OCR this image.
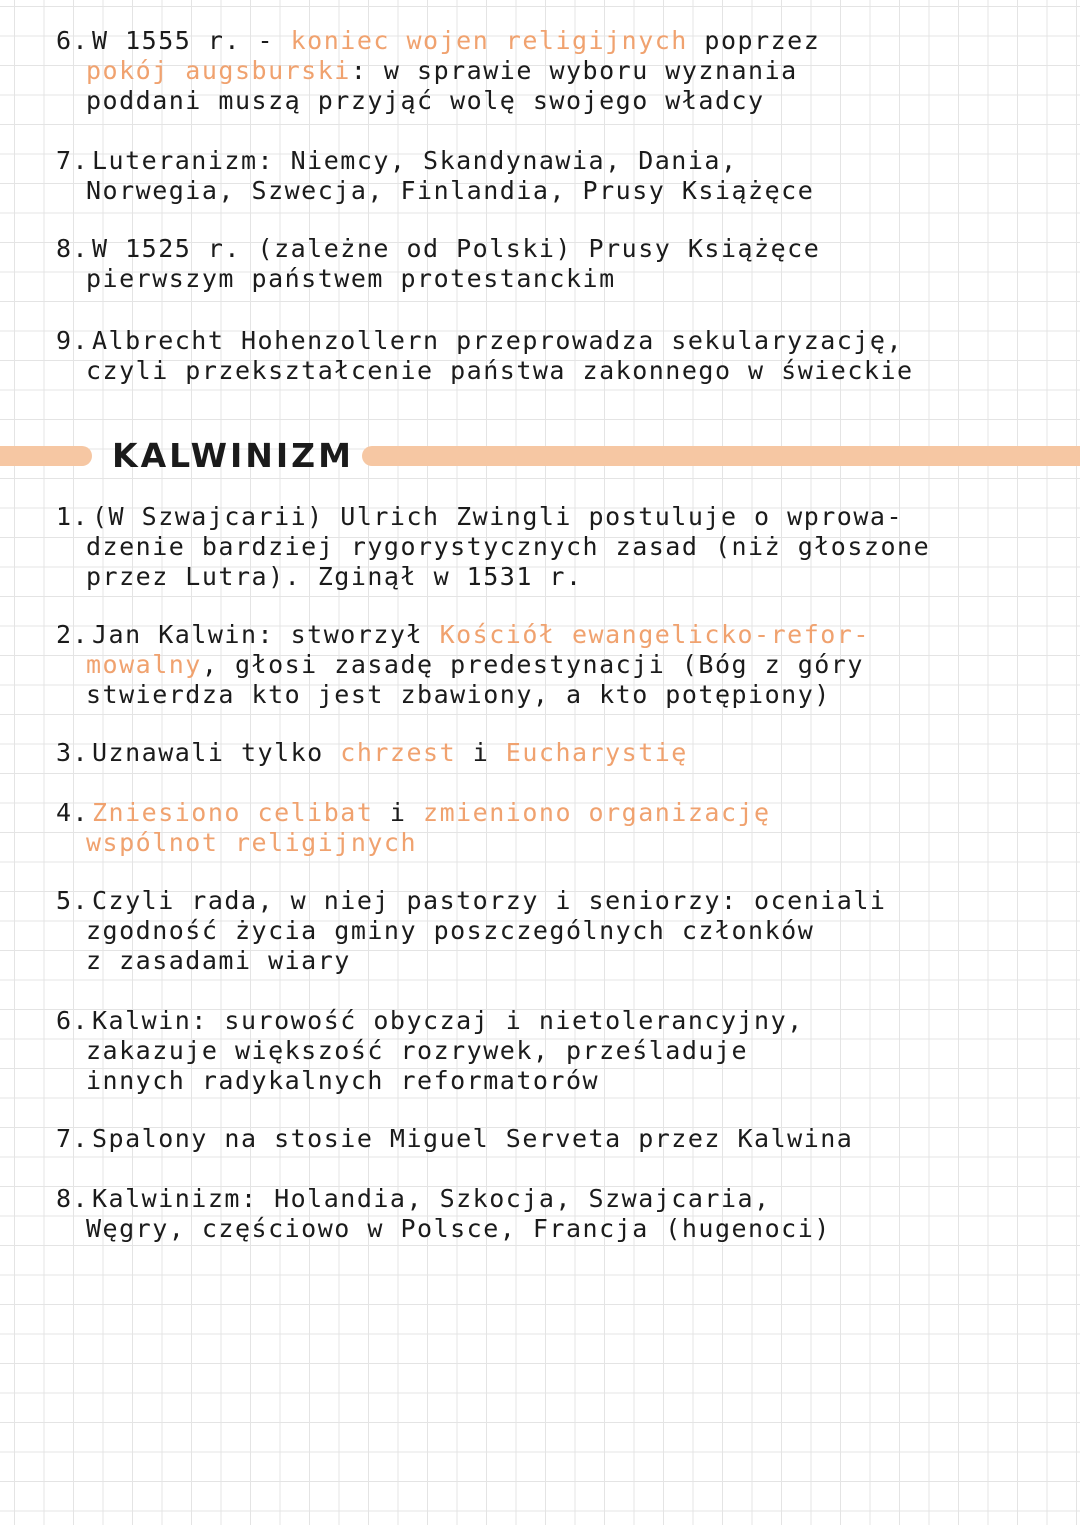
6. W 1555 r. - koniec wojen religijnych poprzez
pokój augsburski: w sprawie wyboru wyznania
poddani muszą przyjąć wolę swojego władcy
7. Luteranizm: Niemcy, Skandynawia, Dania,
Norwegia, Szwecja, Finlandia, Prusy Książęce
8. W 1525 r. (zależne od Polski) Prusy Książęce
pierwszym państwem protestanckim
9. Albrecht Hohenzollern przeprowadza sekularyzację,
czyli przekształcenie państwa zakonnego w świeckie
KALWINIZM
1. (W Szwajcarii) Ulrich Zwingli postuluje o wprowa-
dzenie bardziej rygorystycznych zasad (niż głoszone
przez Lutra). Zginął w 1531 r.
2. Jan Kalwin: stworzył Kościół ewangelicko-refor-
mowalny, głosi zasadę predestynacji (Bóg z góry
stwierdza kto jest zbawiony, a kto potępiony)
3. Uznawali tylko chrzest i Eucharystię
4. Zniesiono celibat i zmieniono organizację
wspólnot religijnych
5. Czyli rada, w niej pastorzy i seniorzy: oceniali
zgodność życia gminy poszczególnych członków
z zasadami wiary
6. Kalwin: surowość obyczaj i nietolerancyjny,
zakazuje większość rozrywek, prześladuje
innych radykalnych reformatorów
7. Spalony na stosie Miguel Serveta przez Kalwina
8. Kalwinizm: Holandia, Szkocja, Szwajcaria,
Węgry, częściowo w Polsce, Francja (hugenoci)
